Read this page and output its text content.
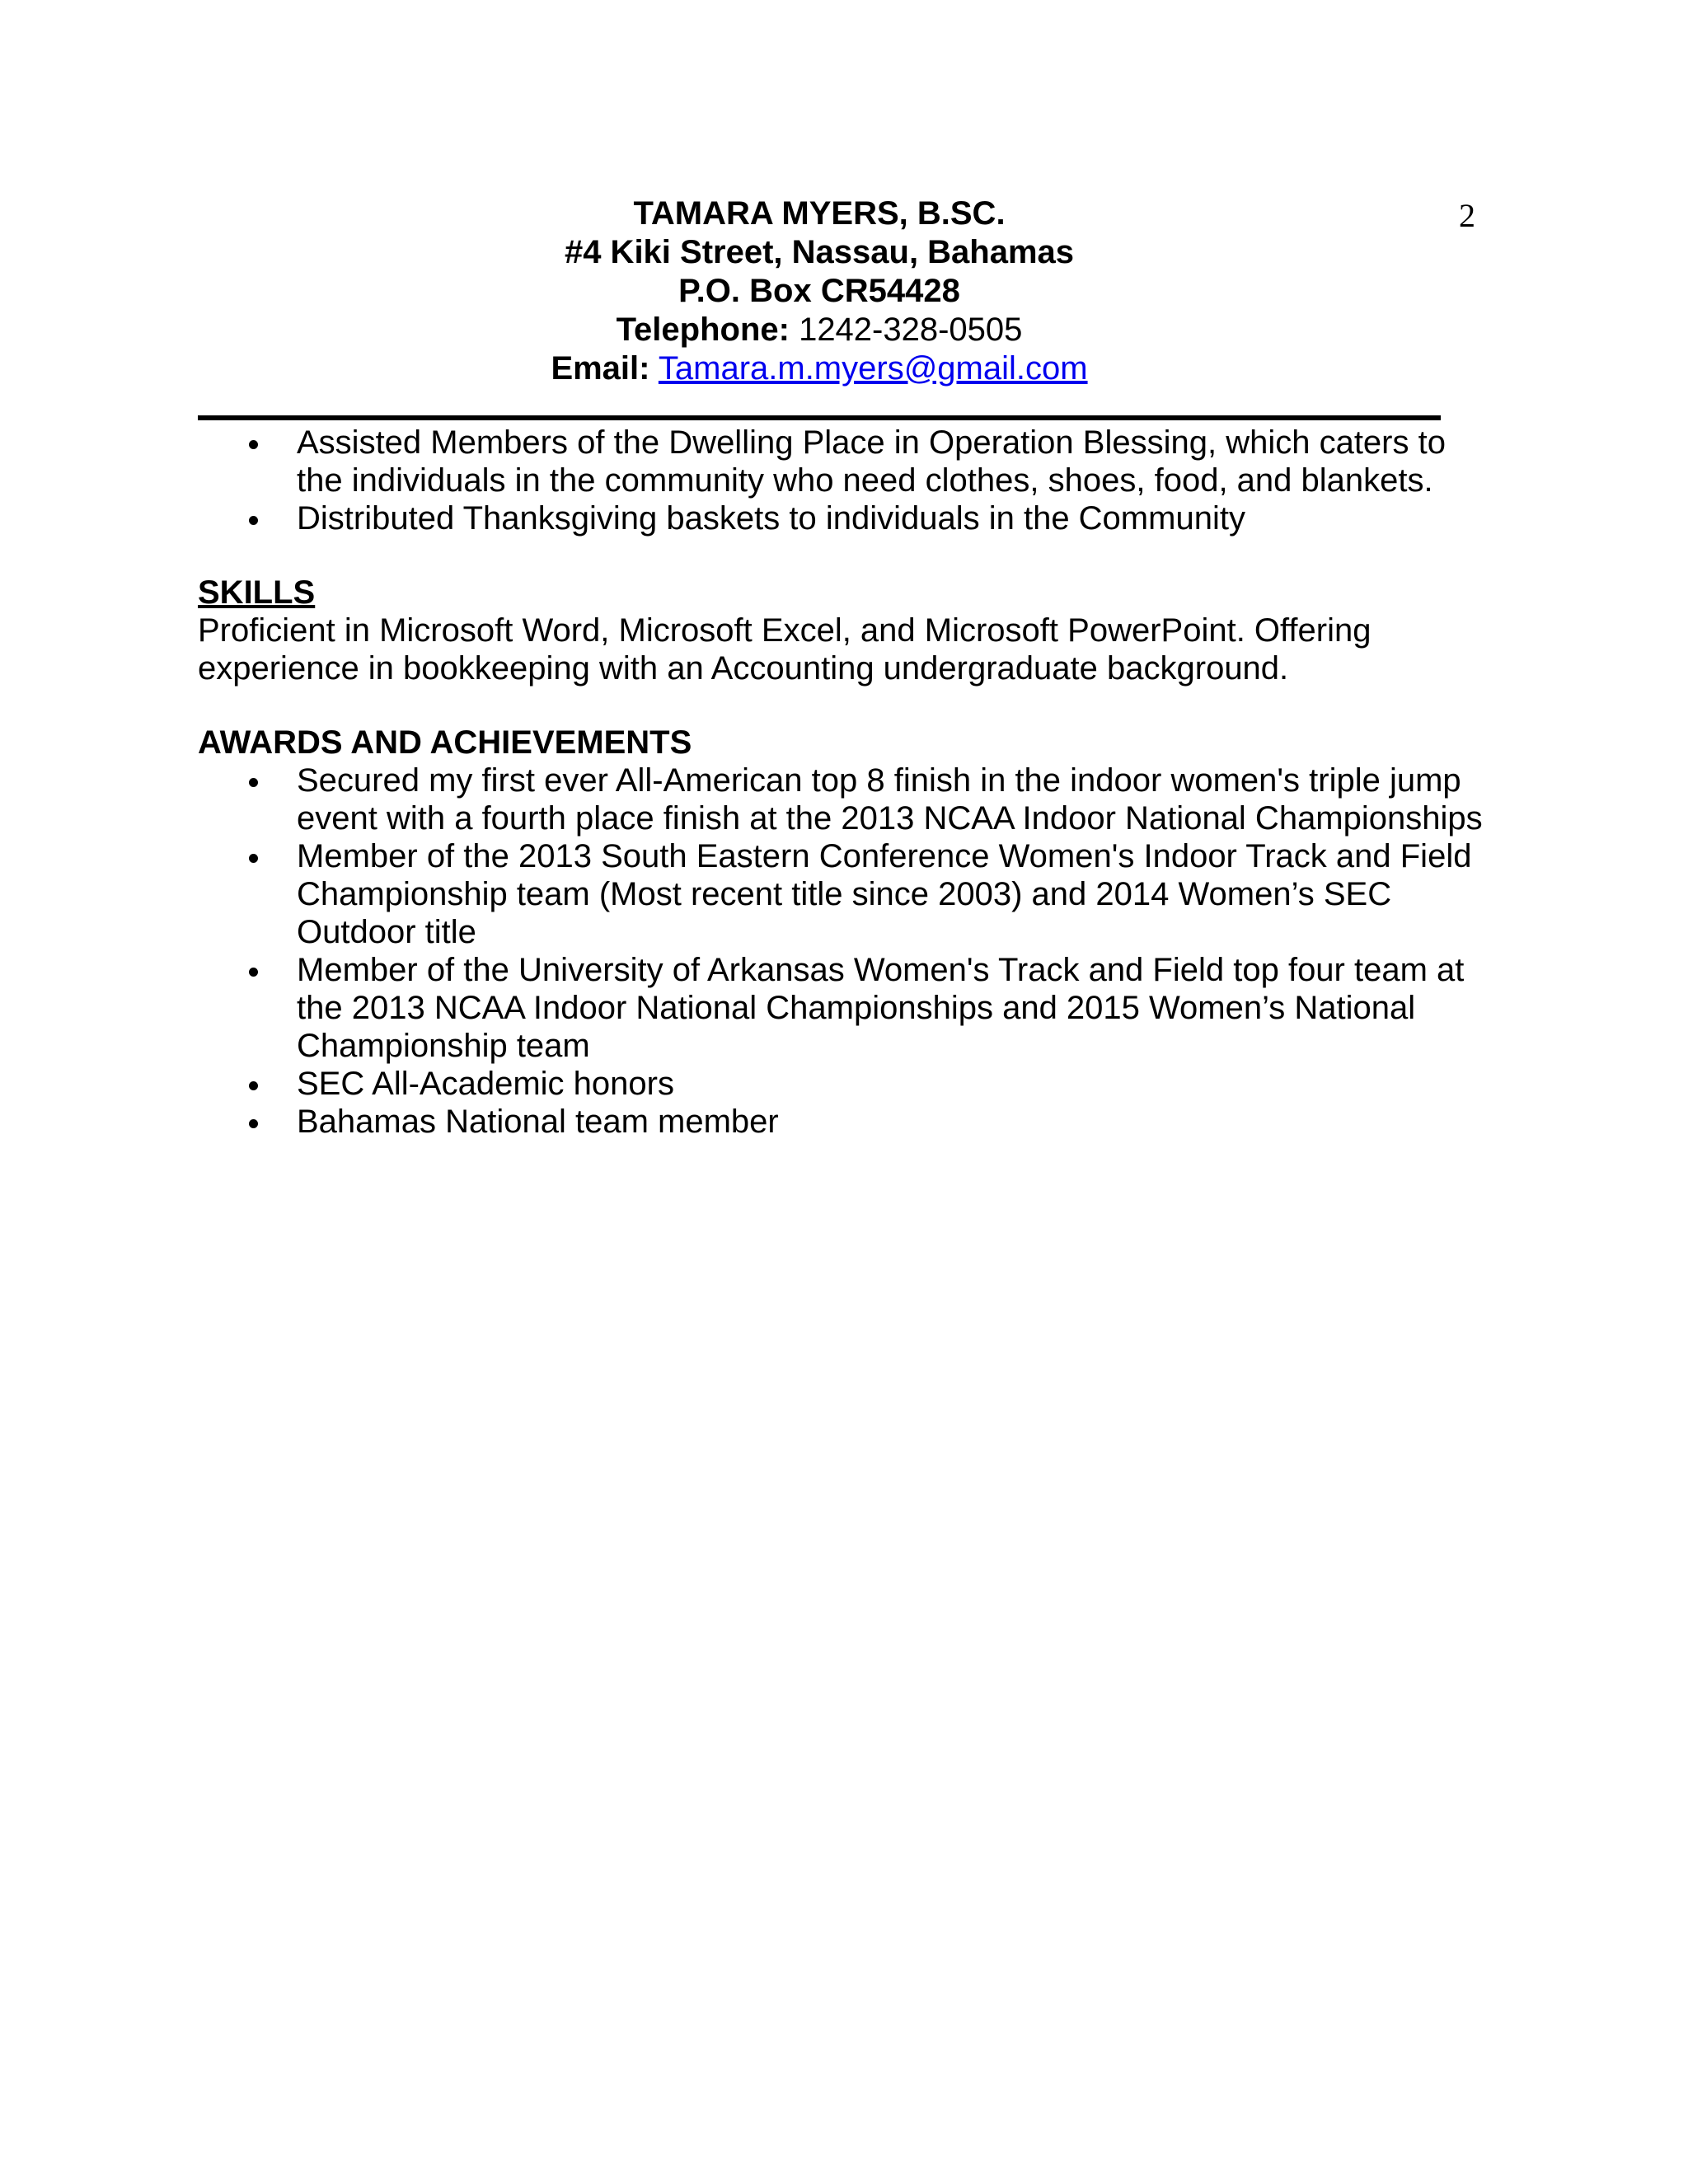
2
TAMARA MYERS, B.SC.
#4 Kiki Street, Nassau, Bahamas
P.O. Box CR54428
Telephone: 1242-328-0505
Email: Tamara.m.myers@gmail.com
Assisted Members of the Dwelling Place in Operation Blessing, which caters to the individuals in the community who need clothes, shoes, food, and blankets.
Distributed Thanksgiving baskets to individuals in the Community

SKILLS

Proficient in Microsoft Word, Microsoft Excel, and Microsoft PowerPoint. Offering experience in bookkeeping with an Accounting undergraduate background.

AWARDS AND ACHIEVEMENTS

Secured my first ever All-American top 8 finish in the indoor women's triple jump event with a fourth place finish at the 2013 NCAA Indoor National Championships
Member of the 2013 South Eastern Conference Women's Indoor Track and Field Championship team (Most recent title since 2003) and 2014 Women’s SEC Outdoor title
Member of the University of Arkansas Women's Track and Field top four team at the 2013 NCAA Indoor National Championships and 2015 Women’s National Championship team
SEC All-Academic honors
Bahamas National team member
